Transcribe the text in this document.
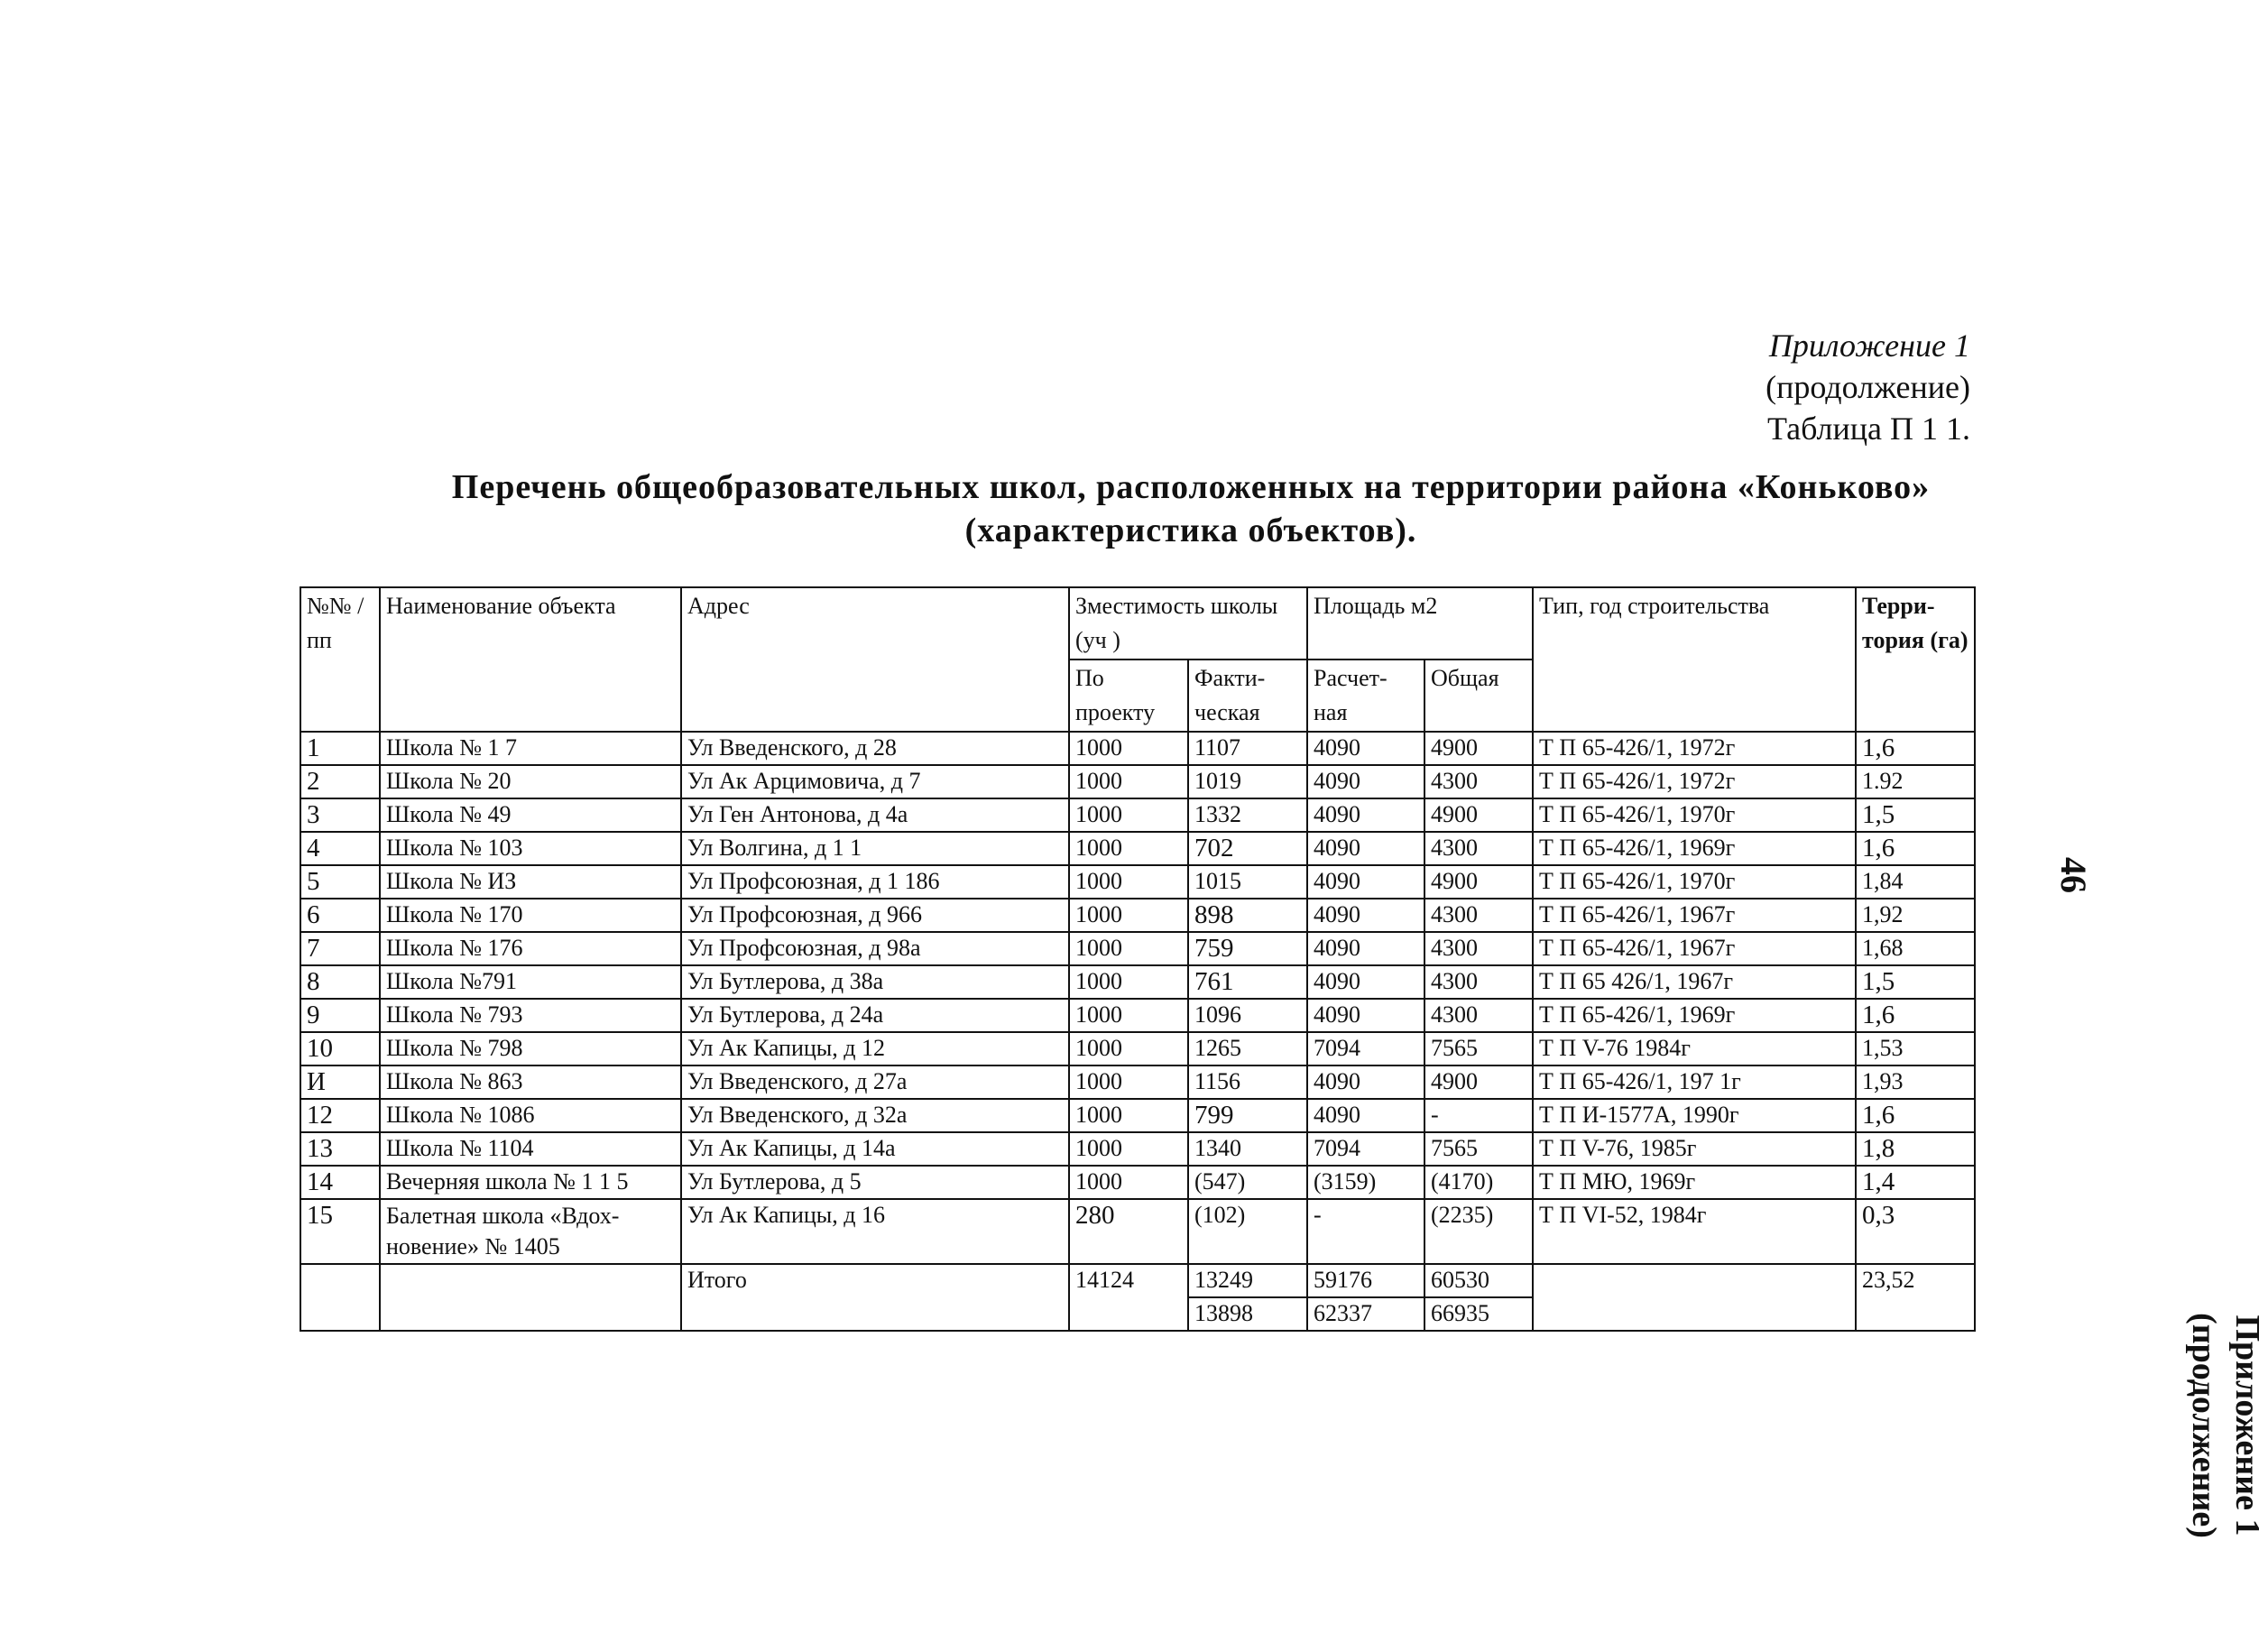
Приложение 1
(продолжение)
Таблица П 1 1.
Перечень общеобразовательных школ, расположенных на территории района «Коньково»
(характеристика объектов).
№№ /пп	Наименование объекта	Адрес	Зместимость школы (уч )		Площадь м2		Тип, год строительства	Терри-тория (га)
			По проекту	Факти-ческая	Расчет-ная	Общая		
1	Школа № 1 7	Ул Введенского, д 28	1000	1107	4090	4900	Т П 65-426/1, 1972г	1,6
2	Школа № 20	Ул Ак Арцимовича, д 7	1000	1019	4090	4300	Т П 65-426/1, 1972г	1.92
3	Школа № 49	Ул Ген Антонова, д 4а	1000	1332	4090	4900	Т П 65-426/1, 1970г	1,5
4	Школа № 103	Ул Волгина, д 1 1	1000	702	4090	4300	Т П 65-426/1, 1969г	1,6
5	Школа № ИЗ	Ул Профсоюзная, д 1 186	1000	1015	4090	4900	Т П 65-426/1, 1970г	1,84
6	Школа № 170	Ул Профсоюзная, д 966	1000	898	4090	4300	Т П 65-426/1, 1967г	1,92
7	Школа № 176	Ул Профсоюзная, д 98а	1000	759	4090	4300	Т П 65-426/1, 1967г	1,68
8	Школа №791	Ул Бутлерова, д 38а	1000	761	4090	4300	Т П 65 426/1, 1967г	1,5
9	Школа № 793	Ул Бутлерова, д 24а	1000	1096	4090	4300	Т П 65-426/1, 1969г	1,6
10	Школа № 798	Ул Ак Капицы, д 12	1000	1265	7094	7565	Т П V-76 1984г	1,53
И	Школа № 863	Ул Введенского, д 27а	1000	1156	4090	4900	Т П 65-426/1, 197 1г	1,93
12	Школа № 1086	Ул Введенского, д 32а	1000	799	4090	-	Т П И-1577А, 1990г	1,6
13	Школа № 1104	Ул Ак Капицы, д 14а	1000	1340	7094	7565	Т П V-76, 1985г	1,8
14	Вечерняя школа № 1 1 5	Ул Бутлерова, д 5	1000	(547)	(3159)	(4170)	Т П МЮ, 1969г	1,4
15	Балетная школа «Вдох-новение» № 1405	Ул Ак Капицы, д 16	280	(102)	-	(2235)	Т П VI-52, 1984г	0,3
		Итого	14124	13249	59176	60530		23,52
				13898	62337	66935		
46
Приложение 1
(продолжение)
